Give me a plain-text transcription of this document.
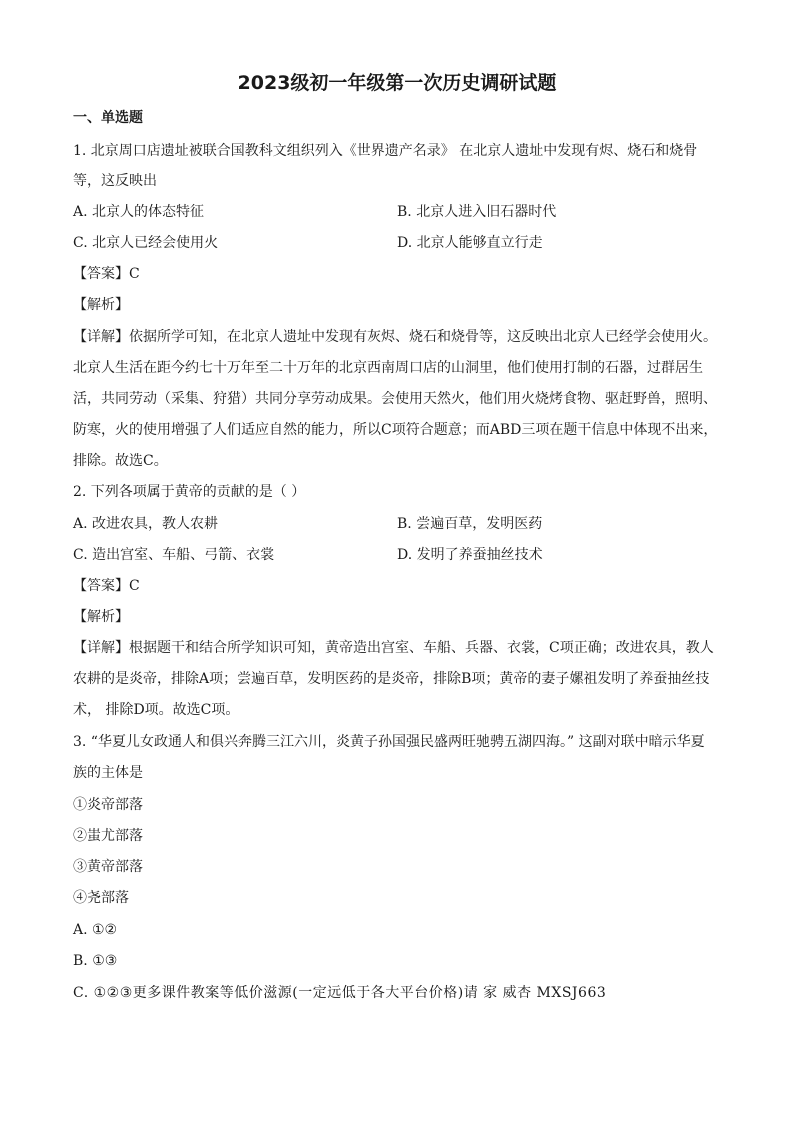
2023级初一年级第一次历史调研试题
一、单选题
1. 北京周口店遗址被联合国教科文组织列入《世界遗产名录》 在北京人遗址中发现有烬、烧石和烧骨
等，这反映出
A. 北京人的体态特征	B. 北京人进入旧石器时代
C. 北京人已经会使用火	D. 北京人能够直立行走
【答案】C
【解析】
【详解】依据所学可知，在北京人遗址中发现有灰烬、烧石和烧骨等，这反映出北京人已经学会使用火。
北京人生活在距今约七十万年至二十万年的北京西南周口店的山洞里，他们使用打制的石器，过群居生
活，共同劳动（采集、狩猎）共同分享劳动成果。会使用天然火，他们用火烧烤食物、驱赶野兽，照明、
防寒，火的使用增强了人们适应自然的能力，所以C项符合题意；而ABD三项在题干信息中体现不出来，
排除。故选C。
2. 下列各项属于黄帝的贡献的是（ ）
A. 改进农具，教人农耕	B. 尝遍百草，发明医药
C. 造出宫室、车船、弓箭、衣裳	D. 发明了养蚕抽丝技术
【答案】C
【解析】
【详解】根据题干和结合所学知识可知，黄帝造出宫室、车船、兵器、衣裳，C项正确；改进农具，教人
农耕的是炎帝，排除A项；尝遍百草，发明医药的是炎帝，排除B项；黄帝的妻子嫘祖发明了养蚕抽丝技
术， 排除D项。故选C项。
3. “华夏儿女政通人和俱兴奔腾三江六川，炎黄子孙国强民盛两旺驰骋五湖四海。” 这副对联中暗示华夏
族的主体是
①炎帝部落
②蚩尤部落
③黄帝部落
④尧部落
A. ①②
B. ①③
C. ①②③更多课件教案等低价滋源(一定远低于各大平台价格)请 家 威杏 MXSJ663
